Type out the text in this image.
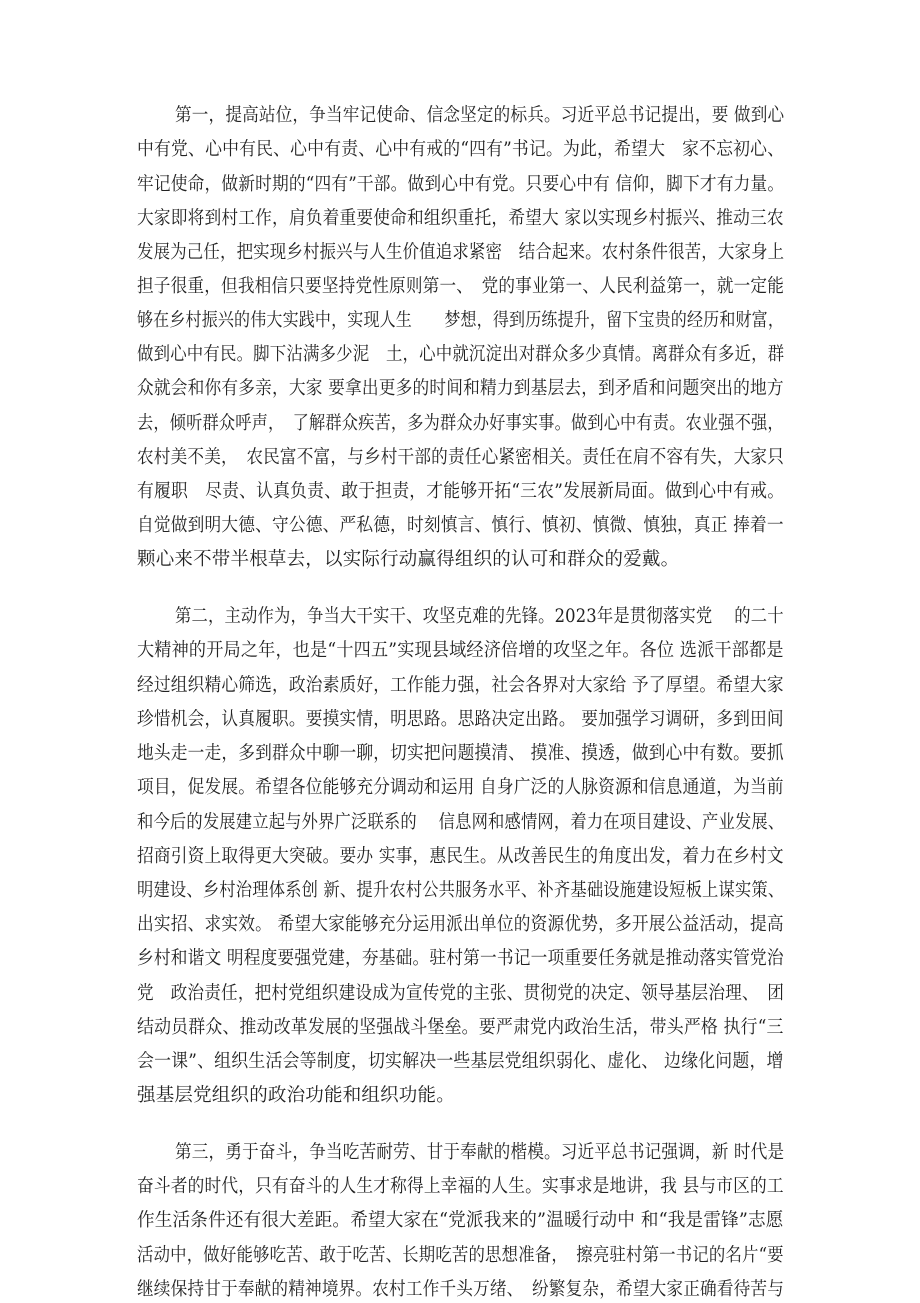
第一，提高站位，争当牢记使命、信念坚定的标兵。习近平总书记提出，要 做到心
中有党、心中有民、心中有责、心中有戒的“四有”书记。为此，希望大　家不忘初心、
牢记使命，做新时期的“四有”干部。做到心中有党。只要心中有 信仰，脚下才有力量。
大家即将到村工作，肩负着重要使命和组织重托，希望大 家以实现乡村振兴、推动三农
发展为己任，把实现乡村振兴与人生价值追求紧密　结合起来。农村条件很苦，大家身上
担子很重，但我相信只要坚持党性原则第一、　党的事业第一、人民利益第一，就一定能
够在乡村振兴的伟大实践中，实现人生　　梦想，得到历练提升，留下宝贵的经历和财富，
做到心中有民。脚下沾满多少泥　土，心中就沉淀出对群众多少真情。离群众有多近，群
众就会和你有多亲，大家 要拿出更多的时间和精力到基层去，到矛盾和问题突出的地方
去，倾听群众呼声，　了解群众疾苦，多为群众办好事实事。做到心中有责。农业强不强，
农村美不美，　农民富不富，与乡村干部的责任心紧密相关。责任在肩不容有失，大家只
有履职　尽责、认真负责、敢于担责，才能够开拓“三农”发展新局面。做到心中有戒。
自觉做到明大德、守公德、严私德，时刻慎言、慎行、慎初、慎微、慎独，真正 捧着一
颗心来不带半根草去，以实际行动赢得组织的认可和群众的爱戴。
第二，主动作为，争当大干实干、攻坚克难的先锋。2023年是贯彻落实党　 的二十
大精神的开局之年，也是“十四五”实现县域经济倍增的攻坚之年。各位 选派干部都是
经过组织精心筛选，政治素质好，工作能力强，社会各界对大家给 予了厚望。希望大家
珍惜机会，认真履职。要摸实情，明思路。思路决定出路。 要加强学习调研，多到田间
地头走一走，多到群众中聊一聊，切实把问题摸清、 摸准、摸透，做到心中有数。要抓
项目，促发展。希望各位能够充分调动和运用 自身广泛的人脉资源和信息通道，为当前
和今后的发展建立起与外界广泛联系的　 信息网和感情网，着力在项目建设、产业发展、
招商引资上取得更大突破。要办 实事，惠民生。从改善民生的角度出发，着力在乡村文
明建设、乡村治理体系创 新、提升农村公共服务水平、补齐基础设施建设短板上谋实策、
出实招、求实效。 希望大家能够充分运用派出单位的资源优势，多开展公益活动，提高
乡村和谐文 明程度要强党建，夯基础。驻村第一书记一项重要任务就是推动落实管党治
党　政治责任，把村党组织建设成为宣传党的主张、贯彻党的决定、领导基层治理、　团
结动员群众、推动改革发展的坚强战斗堡垒。要严肃党内政治生活，带头严格 执行“三
会一课”、组织生活会等制度，切实解决一些基层党组织弱化、虚化、 边缘化问题，增
强基层党组织的政治功能和组织功能。
第三，勇于奋斗，争当吃苦耐劳、甘于奉献的楷模。习近平总书记强调，新 时代是
奋斗者的时代，只有奋斗的人生才称得上幸福的人生。实事求是地讲，我 县与市区的工
作生活条件还有很大差距。希望大家在“党派我来的”温暖行动中 和“我是雷锋”志愿
活动中，做好能够吃苦、敢于吃苦、长期吃苦的思想准备，　擦亮驻村第一书记的名片“要
继续保持甘于奉献的精神境界。农村工作千头万绪、　纷繁复杂，希望大家正确看待苦与
